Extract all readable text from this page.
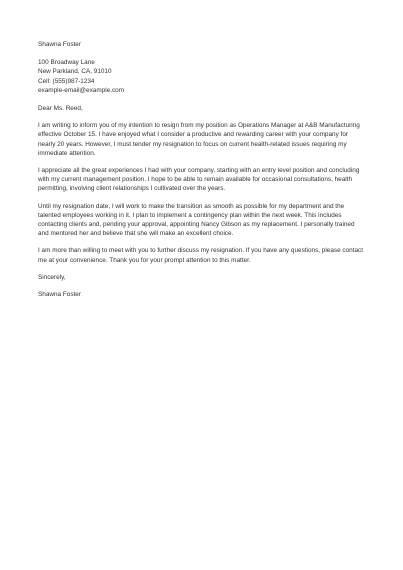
Shawna Foster
100 Broadway Lane
New Parkland, CA, 91010
Cell: (555)987-1234
example-email@example.com
Dear Ms. Reed,
I am writing to inform you of my intention to resign from my position as Operations Manager at A&B Manufacturing effective October 15. I have enjoyed what I consider a productive and rewarding career with your company for nearly 20 years. However, I must tender my resignation to focus on current health-related issues requiring my immediate attention.
I appreciate all the great experiences I had with your company, starting with an entry level position and concluding with my current management position. I hope to be able to remain available for occasional consultations, health permitting, involving client relationships I cultivated over the years.
Until my resignation date, I will work to make the transition as smooth as possible for my department and the talented employees working in it. I plan to implement a contingency plan within the next week. This includes contacting clients and, pending your approval, appointing Nancy Gibson as my replacement. I personally trained and mentored her and believe that she will make an excellent choice.
I am more than willing to meet with you to further discuss my resignation. If you have any questions, please contact me at your convenience. Thank you for your prompt attention to this matter.
Sincerely,
Shawna Foster
